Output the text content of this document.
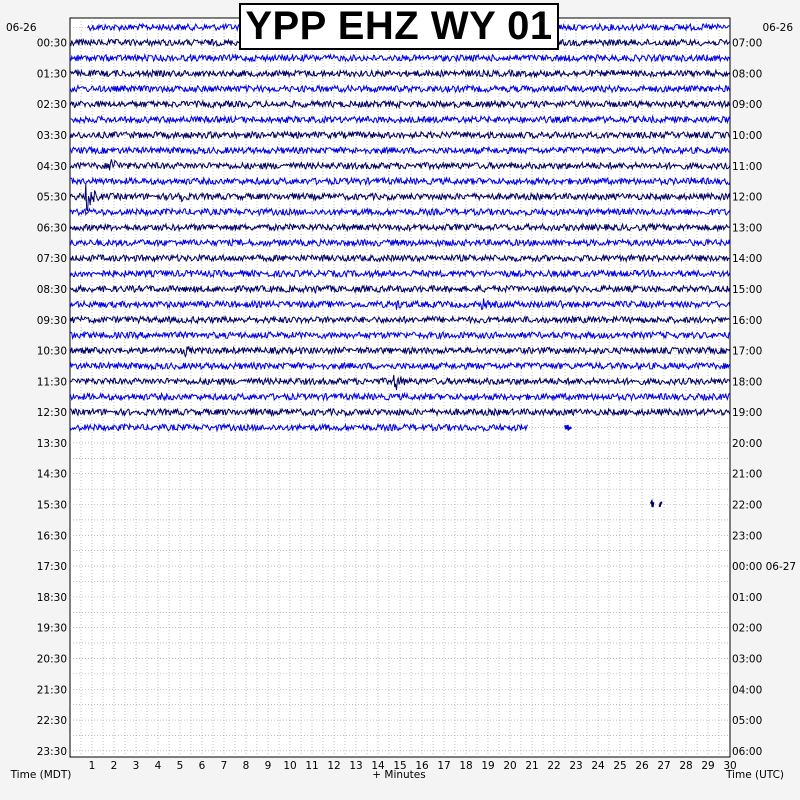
1 2 3 4 5 6 7 8 9 10 11 12 13 14 15 16 17 18 19 20 21 22 23 24 25 26 27 28 29 30
00:30
01:30
02:30
03:30
04:30
05:30
06:30
07:30
08:30
09:30
10:30
11:30
12:30
13:30
14:30
15:30
16:30
17:30
18:30
19:30
20:30
21:30
22:30
23:30
07:00
08:00
09:00
10:00
11:00
12:00
13:00
14:00
15:00
16:00
17:00
18:00
19:00
20:00
21:00
22:00
23:00
00:00 06-27
01:00
02:00
03:00
04:00
05:00
06:00
06-26	06-26
Time (MDT)	Time (UTC)
+ Minutes
YPP EHZ WY 01
